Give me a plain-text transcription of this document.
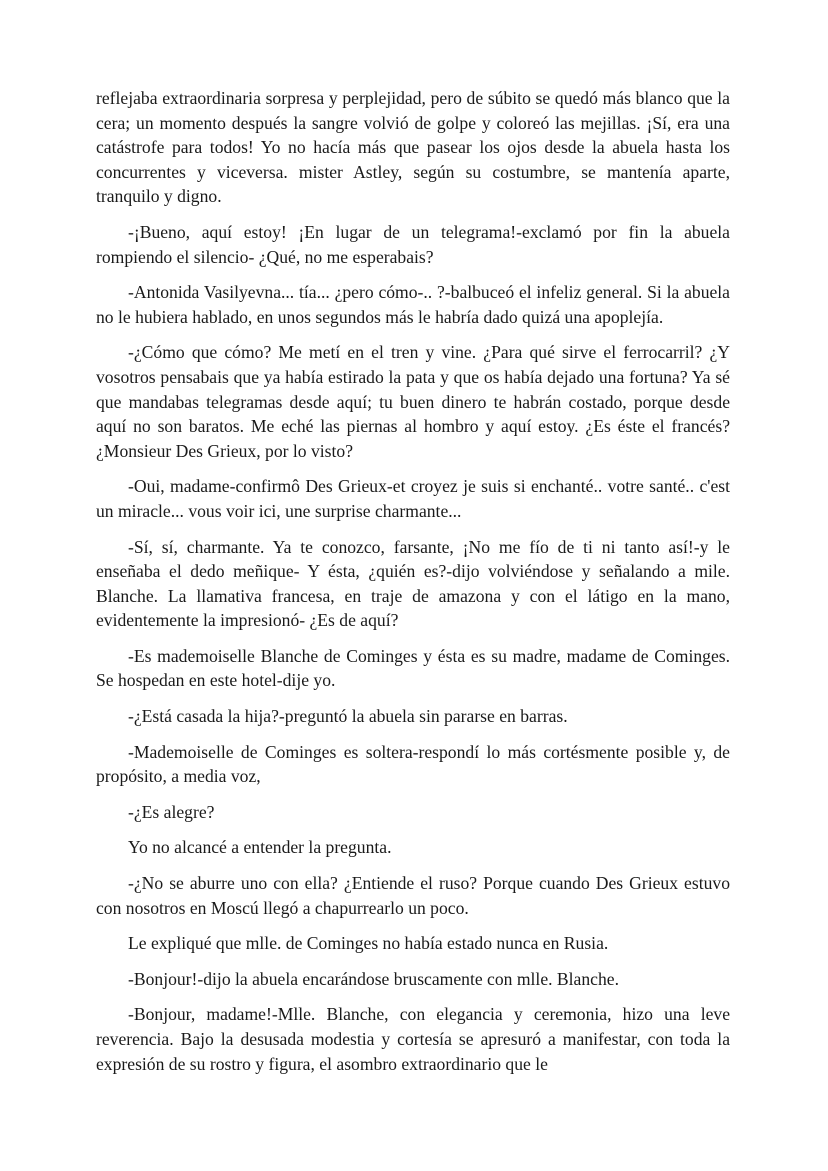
reflejaba extraordinaria sorpresa y perplejidad, pero de súbito se quedó más blanco que la cera; un momento después la sangre volvió de golpe y coloreó las mejillas. ¡Sí, era una catástrofe para todos! Yo no hacía más que pasear los ojos desde la abuela hasta los concurrentes y viceversa. mister Astley, según su costumbre, se mantenía aparte, tranquilo y digno.

-¡Bueno, aquí estoy! ¡En lugar de un telegrama!-exclamó por fin la abuela rompiendo el silencio- ¿Qué, no me esperabais?

-Antonida Vasilyevna... tía... ¿pero cómo-.. ?-balbuceó el infeliz general. Si la abuela no le hubiera hablado, en unos segundos más le habría dado quizá una apoplejía.

-¿Cómo que cómo? Me metí en el tren y vine. ¿Para qué sirve el ferrocarril? ¿Y vosotros pensabais que ya había estirado la pata y que os había dejado una fortuna? Ya sé que mandabas telegramas desde aquí; tu buen dinero te habrán costado, porque desde aquí no son baratos. Me eché las piernas al hombro y aquí estoy. ¿Es éste el francés? ¿Monsieur Des Grieux, por lo visto?

-Oui, madame-confirmô Des Grieux-et croyez je suis si enchanté.. votre santé.. c'est un miracle... vous voir ici, une surprise charmante...

-Sí, sí, charmante. Ya te conozco, farsante, ¡No me fío de ti ni tanto así!-y le enseñaba el dedo meñique- Y ésta, ¿quién es?-dijo volviéndose y señalando a mile. Blanche. La llamativa francesa, en traje de amazona y con el látigo en la mano, evidentemente la impresionó- ¿Es de aquí?

-Es mademoiselle Blanche de Cominges y ésta es su madre, madame de Cominges. Se hospedan en este hotel-dije yo.

-¿Está casada la hija?-preguntó la abuela sin pararse en barras.

-Mademoiselle de Cominges es soltera-respondí lo más cortésmente posible y, de propósito, a media voz,

-¿Es alegre?

Yo no alcancé a entender la pregunta.

-¿No se aburre uno con ella? ¿Entiende el ruso? Porque cuando Des Grieux estuvo con nosotros en Moscú llegó a chapurrearlo un poco.

Le expliqué que mlle. de Cominges no había estado nunca en Rusia.

-Bonjour!-dijo la abuela encarándose bruscamente con mlle. Blanche.

-Bonjour, madame!-Mlle. Blanche, con elegancia y ceremonia, hizo una leve reverencia. Bajo la desusada modestia y cortesía se apresuró a manifestar, con toda la expresión de su rostro y figura, el asombro extraordinario que le
